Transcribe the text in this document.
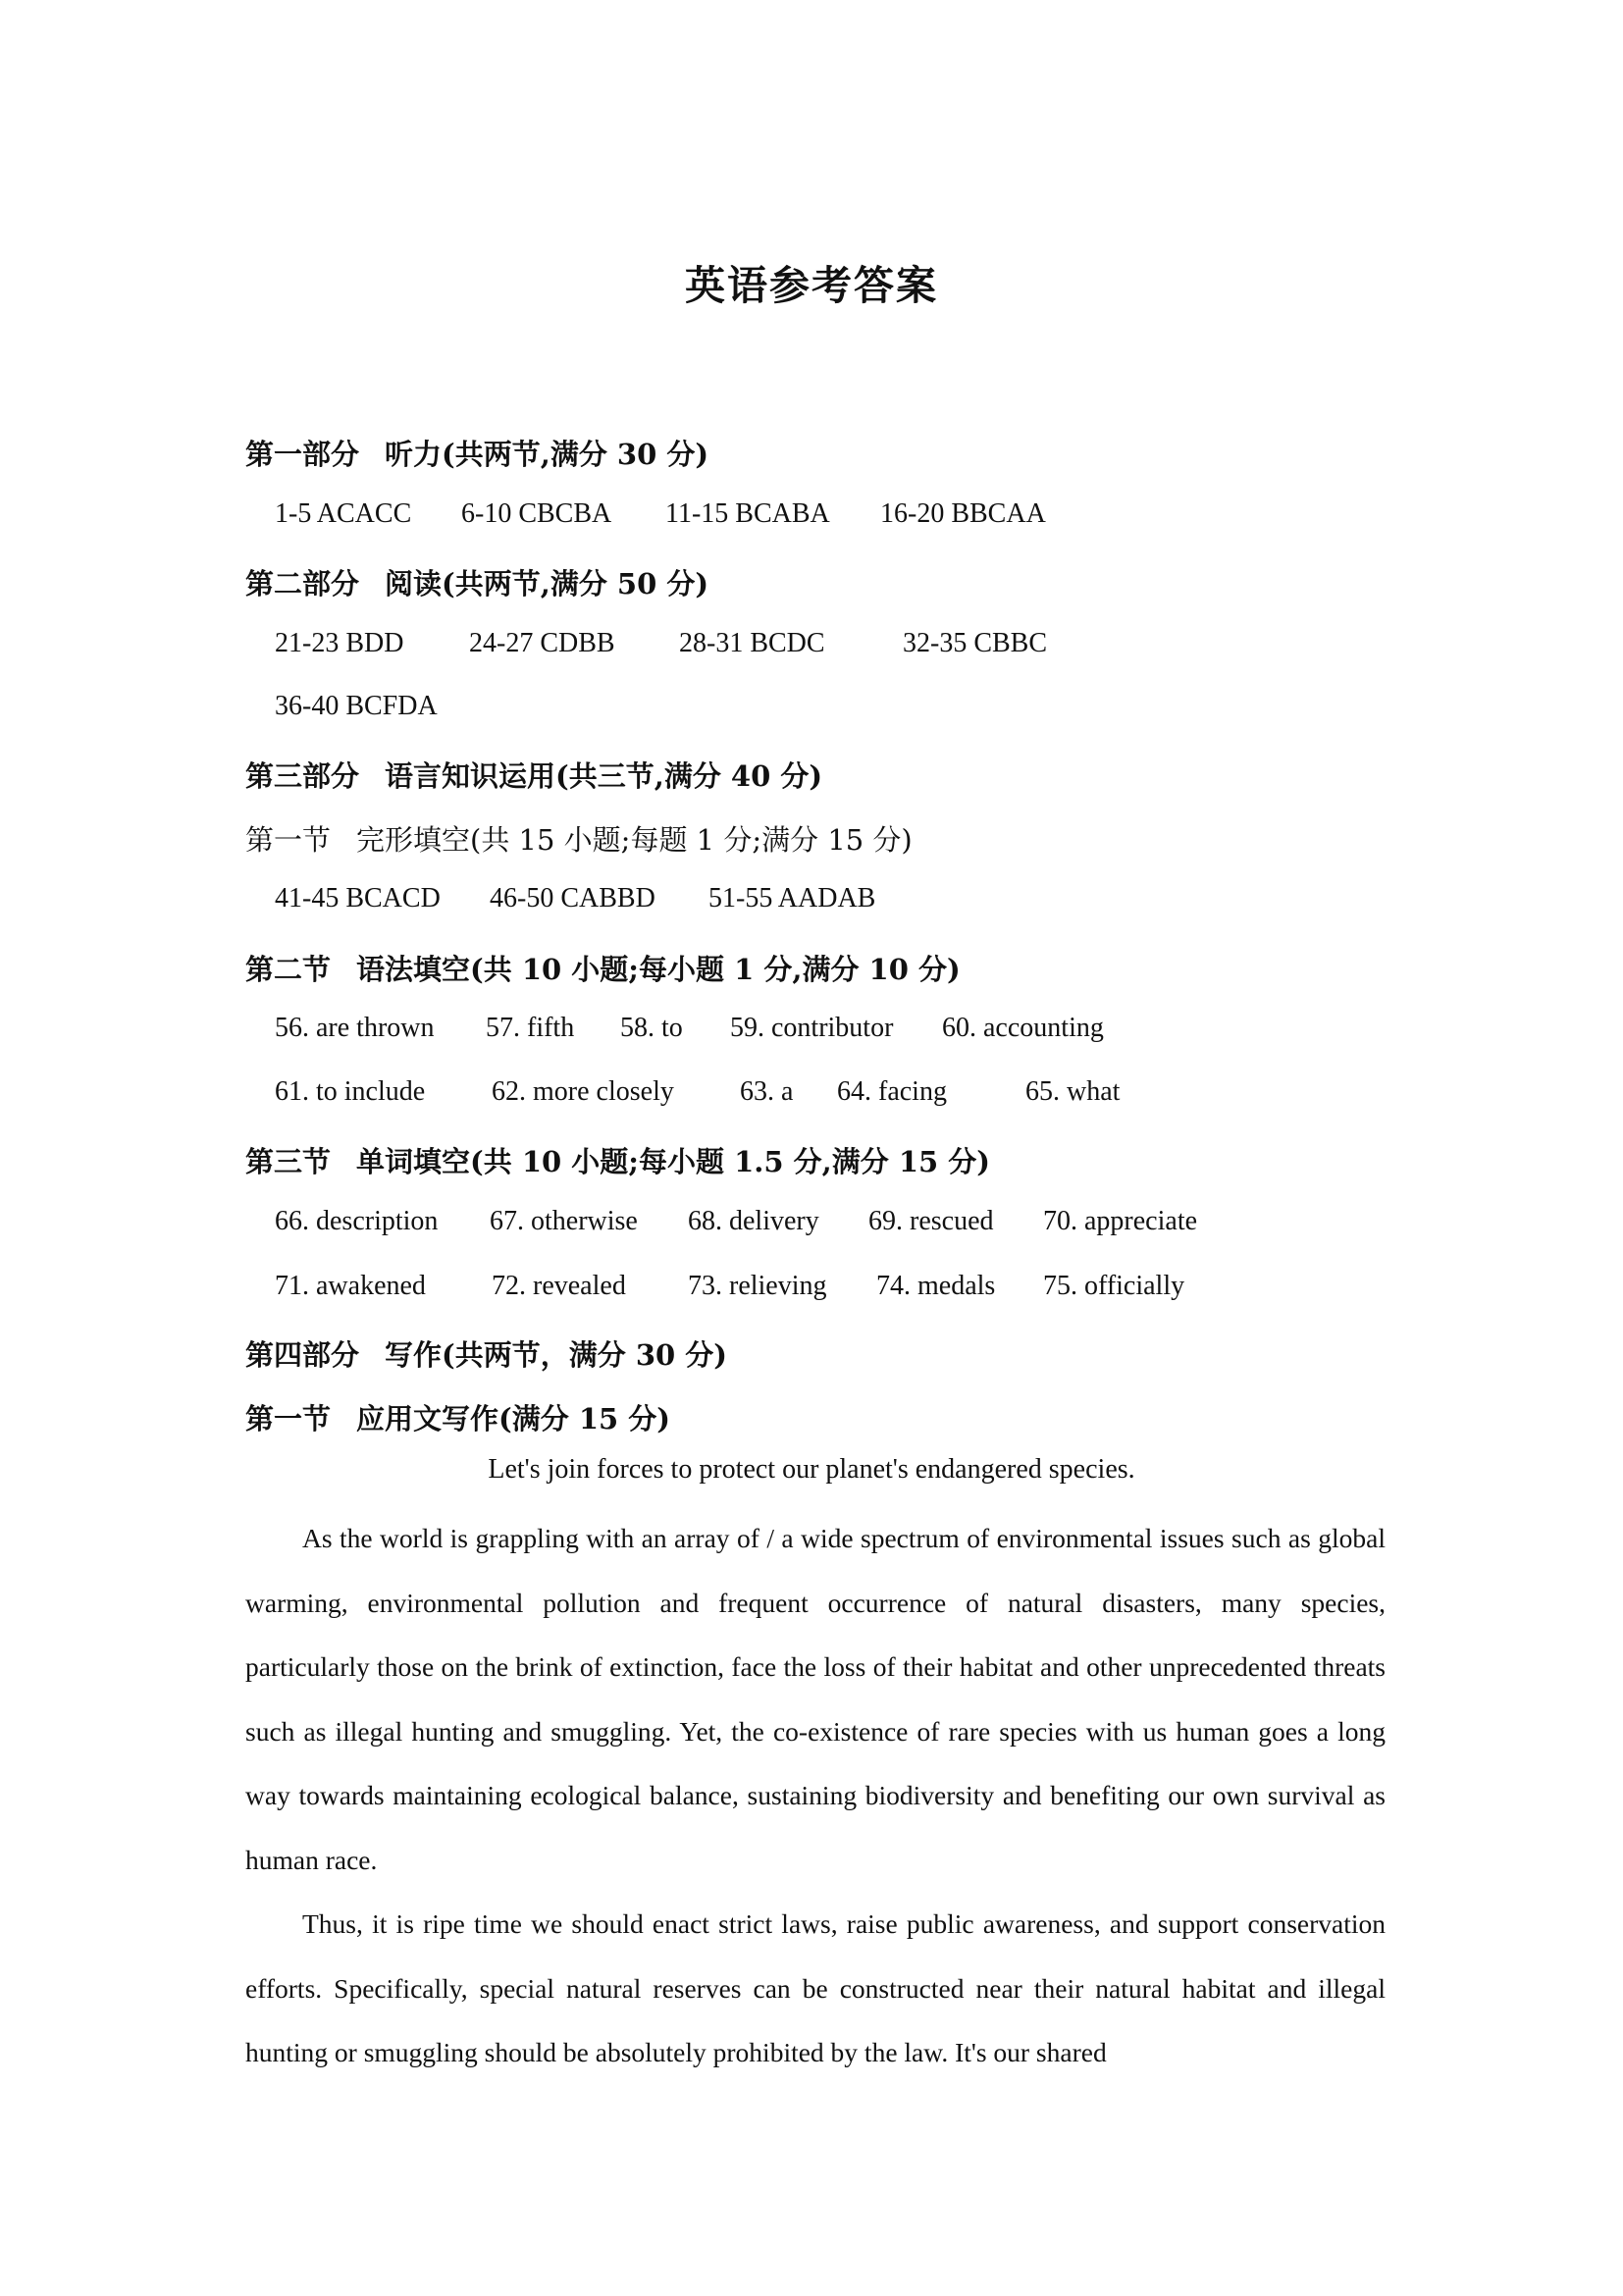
英语参考答案
第一部分 听力(共两节,满分 30 分)
1-5 ACACC 6-10 CBCBA 11-15 BCABA 16-20 BBCAA
第二部分 阅读(共两节,满分 50 分)
21-23 BDD 24-27 CDBB 28-31 BCDC	32-35 CBBC
36-40 BCFDA
第三部分 语言知识运用(共三节,满分 40 分)
第一节 完形填空(共 15 小题;每题 1 分;满分 15 分)
41-45 BCACD 46-50 CABBD 51-55 AADAB
第二节 语法填空(共 10 小题;每小题 1 分,满分 10 分)
56. are thrown 57. fifth 58. to 59. contributor 60. accounting
61. to include 62. more closely 63. a 64. facing	65. what
第三节 单词填空(共 10 小题;每小题 1.5 分,满分 15 分)
66. description 67. otherwise 68. delivery 69. rescued 70. appreciate
71. awakened 72. revealed 73. relieving 74. medals 75. officially
第四部分 写作(共两节，满分 30 分)
第一节 应用文写作(满分 15 分)
Let's join forces to protect our planet's endangered species.
As the world is grappling with an array of / a wide spectrum of environmental issues such as global warming, environmental pollution and frequent occurrence of natural disasters, many species, particularly those on the brink of extinction, face the loss of their habitat and other unprecedented threats such as illegal hunting and smuggling. Yet, the co-existence of rare species with us human goes a long way towards maintaining ecological balance, sustaining biodiversity and benefiting our own survival as human race.
Thus, it is ripe time we should enact strict laws, raise public awareness, and support conservation efforts. Specifically, special natural reserves can be constructed near their natural habitat and illegal hunting or smuggling should be absolutely prohibited by the law. It's our shared
